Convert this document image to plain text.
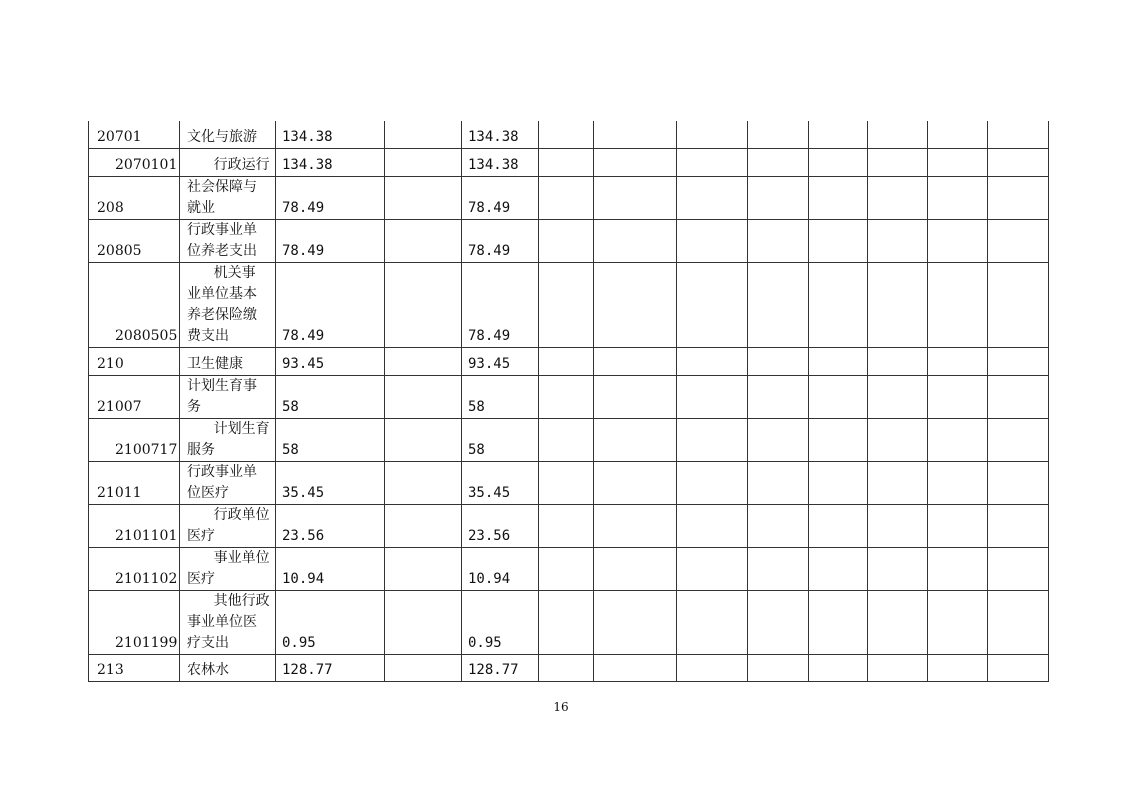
20701	文化与旅游	134.38		134.38								
2070101	行政运行	134.38		134.38								
208	社会保障与
就业	78.49		78.49								
20805	行政事业单
位养老支出	78.49		78.49								
2080505	机关事
业单位基本
养老保险缴
费支出	78.49		78.49								
210	卫生健康	93.45		93.45								
21007	计划生育事
务	58		58								
2100717	计划生育
服务	58		58								
21011	行政事业单
位医疗	35.45		35.45								
2101101	行政单位
医疗	23.56		23.56								
2101102	事业单位
医疗	10.94		10.94								
2101199	其他行政
事业单位医
疗支出	0.95		0.95								
213	农林水	128.77		128.77								
16
